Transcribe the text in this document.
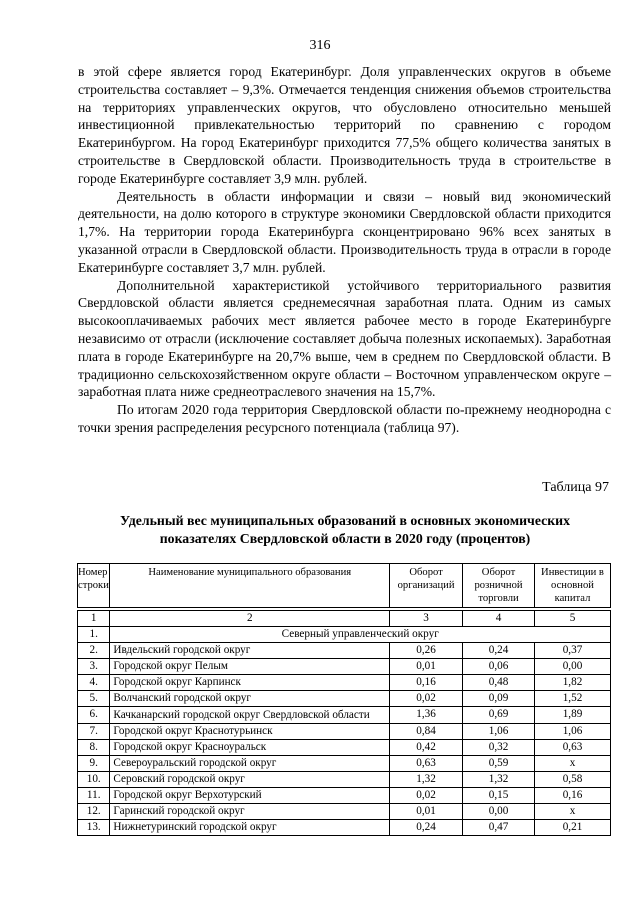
316

в этой сфере является город Екатеринбург. Доля управленческих округов в объеме строительства составляет – 9,3%. Отмечается тенденция снижения объемов строительства на территориях управленческих округов, что обусловлено относительно меньшей инвестиционной привлекательностью территорий по сравнению с городом Екатеринбургом. На город Екатеринбург приходится 77,5% общего количества занятых в строительстве в Свердловской области. Производительность труда в строительстве в городе Екатеринбурге составляет 3,9 млн. рублей.

Деятельность в области информации и связи – новый вид экономический деятельности, на долю которого в структуре экономики Свердловской области приходится 1,7%. На территории города Екатеринбурга сконцентрировано 96% всех занятых в указанной отрасли в Свердловской области. Производительность труда в отрасли в городе Екатеринбурге составляет 3,7 млн. рублей.

Дополнительной характеристикой устойчивого территориального развития Свердловской области является среднемесячная заработная плата. Одним из самых высокооплачиваемых рабочих мест является рабочее место в городе Екатеринбурге независимо от отрасли (исключение составляет добыча полезных ископаемых). Заработная плата в городе Екатеринбурге на 20,7% выше, чем в среднем по Свердловской области. В традиционно сельскохозяйственном округе области – Восточном управленческом округе – заработная плата ниже среднеотраслевого значения на 15,7%.

По итогам 2020 года территория Свердловской области по-прежнему неоднородна с точки зрения распределения ресурсного потенциала (таблица 97).

Таблица 97
Удельный вес муниципальных образований в основных экономических показателях Свердловской области в 2020 году (процентов)
Номер строки	Наименование муниципального образования	Оборот организаций	Оборот розничной торговли	Инвестиции в основной капитал

1	2	3	4	5
1.	Северный управленческий округ			
2.	Ивдельский городской округ	0,26	0,24	0,37
3.	Городской округ Пелым	0,01	0,06	0,00
4.	Городской округ Карпинск	0,16	0,48	1,82
5.	Волчанский городской округ	0,02	0,09	1,52
6.	Качканарский городской округ Свердловской области	1,36	0,69	1,89
7.	Городской округ Краснотурьинск	0,84	1,06	1,06
8.	Городской округ Красноуральск	0,42	0,32	0,63
9.	Североуральский городской округ	0,63	0,59	x
10.	Серовский городской округ	1,32	1,32	0,58
11.	Городской округ Верхотурский	0,02	0,15	0,16
12.	Гаринский городской округ	0,01	0,00	x
13.	Нижнетуринский городской округ	0,24	0,47	0,21
